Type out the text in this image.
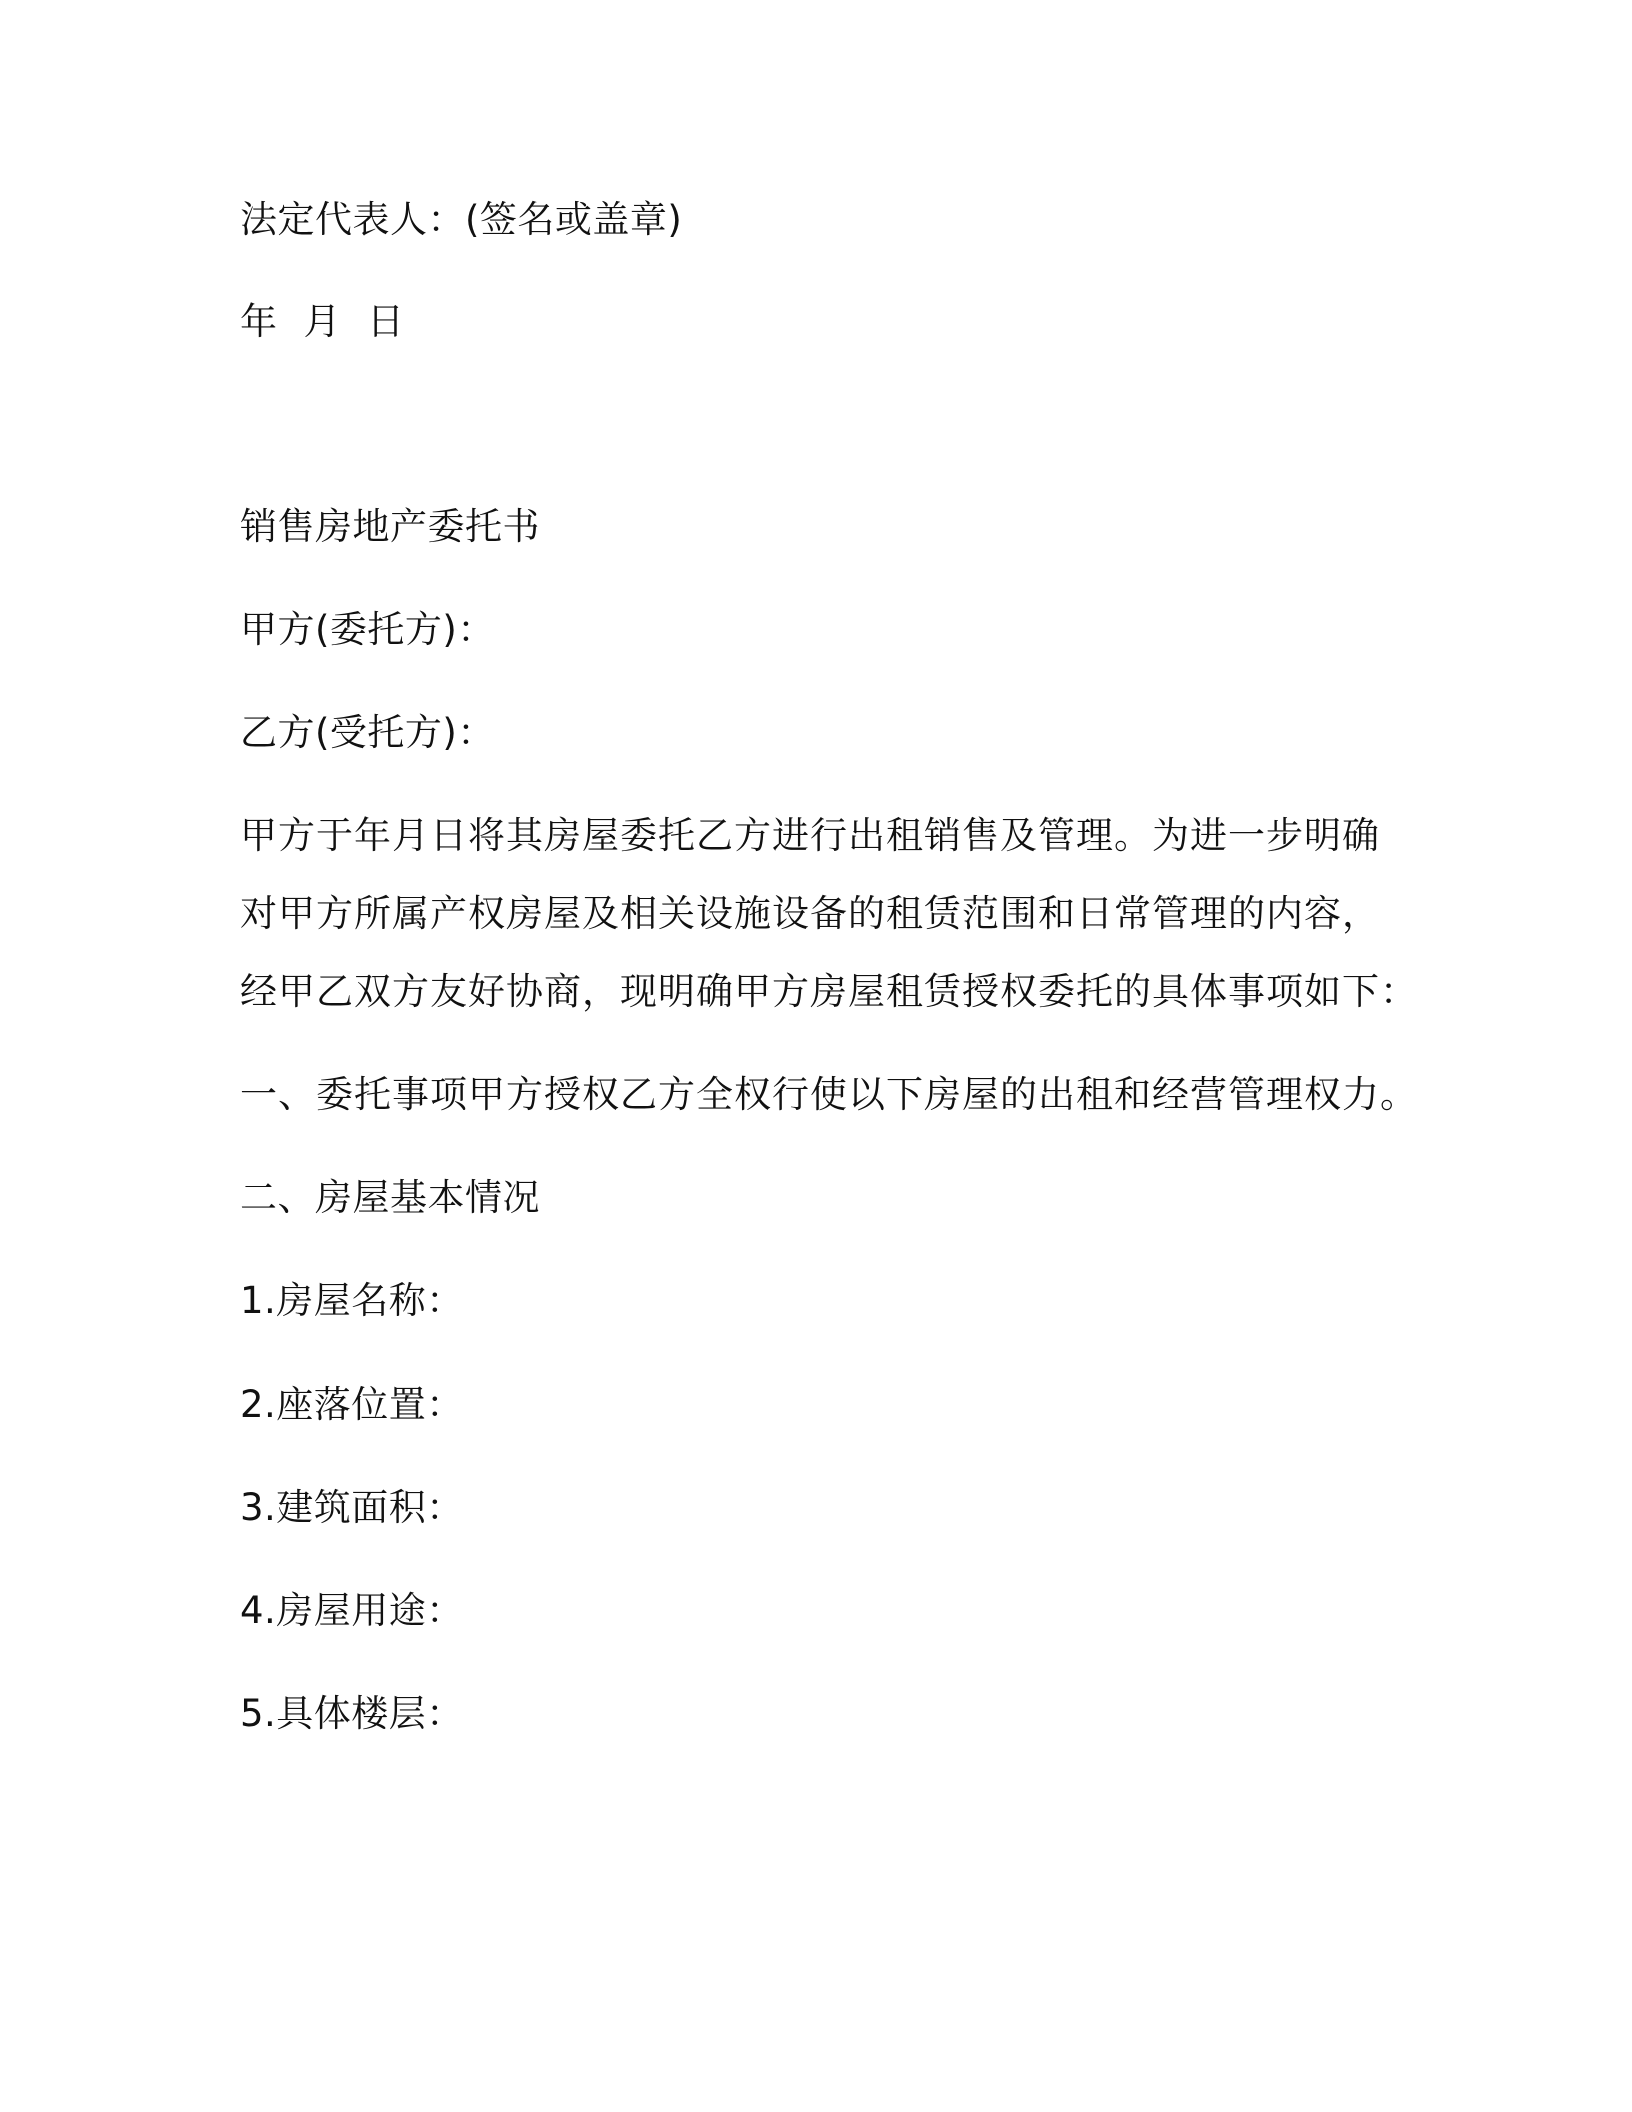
法定代表人：(签名或盖章)
年 月 日
销售房地产委托书
甲方(委托方)：
乙方(受托方)：
甲方于年月日将其房屋委托乙方进行出租销售及管理。为进一步明确
对甲方所属产权房屋及相关设施设备的租赁范围和日常管理的内容，
经甲乙双方友好协商，现明确甲方房屋租赁授权委托的具体事项如下：
一、委托事项甲方授权乙方全权行使以下房屋的出租和经营管理权力。
二、房屋基本情况
1.房屋名称：
2.座落位置：
3.建筑面积：
4.房屋用途：
5.具体楼层：
